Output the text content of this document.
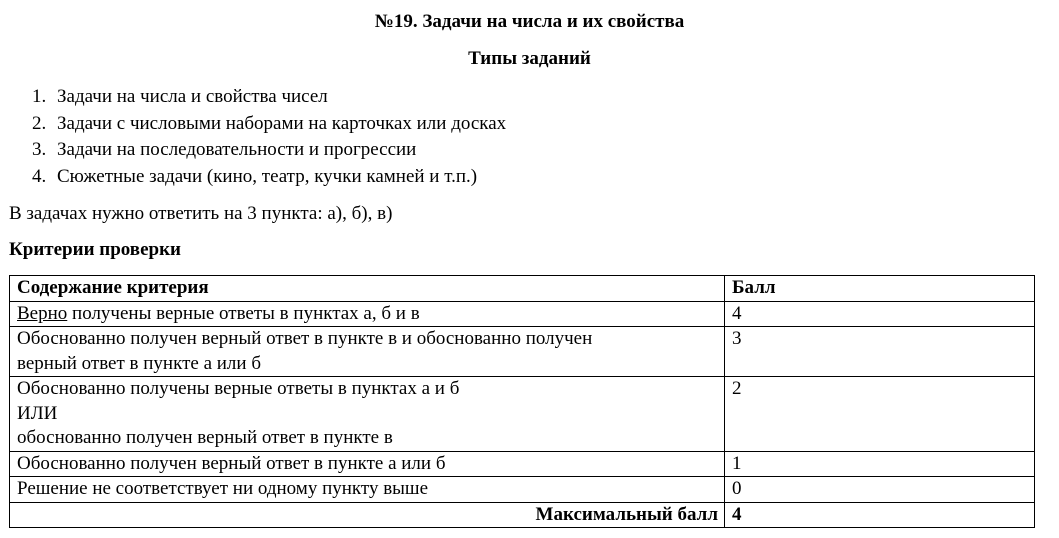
№19. Задачи на числа и их свойства
Типы заданий
1. Задачи на числа и свойства чисел
2. Задачи с числовыми наборами на карточках или досках
3. Задачи на последовательности и прогрессии
4. Сюжетные задачи (кино, театр, кучки камней и т.п.)
В задачах нужно ответить на 3 пункта: а), б), в)
Критерии проверки
Содержание критерия	Балл
Верно получены верные ответы в пунктах а, б и в	4

Обоснованно получен верный ответ в пункте в и обоснованно получен
верный ответ в пункте а или б	3

Обоснованно получены верные ответы в пунктах а и б
ИЛИ
обоснованно получен верный ответ в пункте в	2
Обоснованно получен верный ответ в пункте а или б	1
Решение не соответствует ни одному пункту выше	0
Максимальный балл	4
